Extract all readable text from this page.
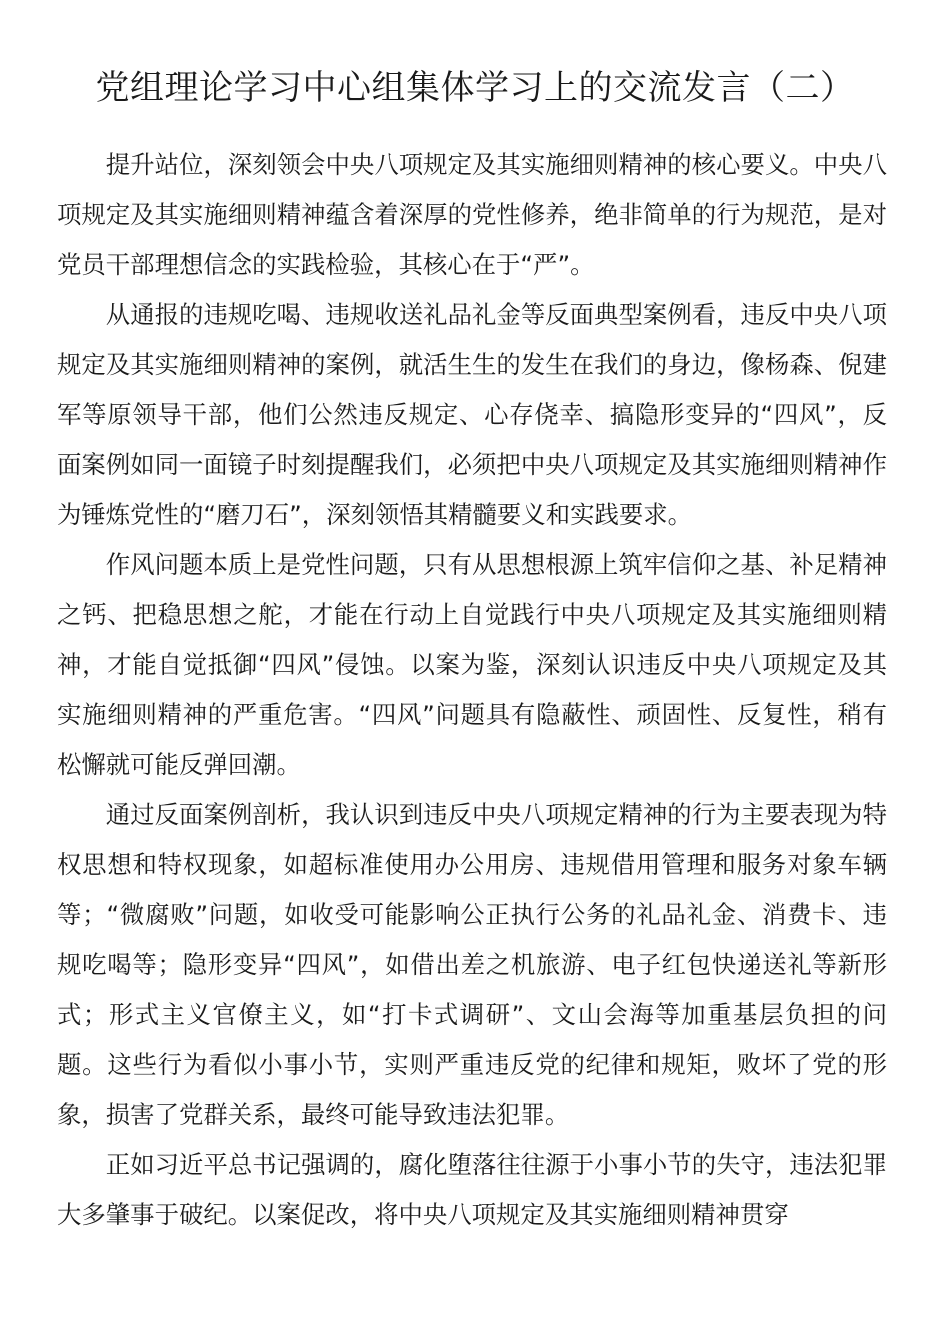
党组理论学习中心组集体学习上的交流发言（二）

提升站位，深刻领会中央八项规定及其实施细则精神的核心要义。中央八项规定及其实施细则精神蕴含着深厚的党性修养，绝非简单的行为规范，是对党员干部理想信念的实践检验，其核心在于“严”。

从通报的违规吃喝、违规收送礼品礼金等反面典型案例看，违反中央八项规定及其实施细则精神的案例，就活生生的发生在我们的身边，像杨森、倪建军等原领导干部，他们公然违反规定、心存侥幸、搞隐形变异的“四风”，反面案例如同一面镜子时刻提醒我们，必须把中央八项规定及其实施细则精神作为锤炼党性的“磨刀石”，深刻领悟其精髓要义和实践要求。

作风问题本质上是党性问题，只有从思想根源上筑牢信仰之基、补足精神之钙、把稳思想之舵，才能在行动上自觉践行中央八项规定及其实施细则精神，才能自觉抵御“四风”侵蚀。以案为鉴，深刻认识违反中央八项规定及其实施细则精神的严重危害。“四风”问题具有隐蔽性、顽固性、反复性，稍有松懈就可能反弹回潮。

通过反面案例剖析，我认识到违反中央八项规定精神的行为主要表现为特权思想和特权现象，如超标准使用办公用房、违规借用管理和服务对象车辆等；“微腐败”问题，如收受可能影响公正执行公务的礼品礼金、消费卡、违规吃喝等；隐形变异“四风”，如借出差之机旅游、电子红包快递送礼等新形式；形式主义官僚主义，如“打卡式调研”、文山会海等加重基层负担的问题。这些行为看似小事小节，实则严重违反党的纪律和规矩，败坏了党的形象，损害了党群关系，最终可能导致违法犯罪。

正如习近平总书记强调的，腐化堕落往往源于小事小节的失守，违法犯罪大多肇事于破纪。以案促改，将中央八项规定及其实施细则精神贯穿
